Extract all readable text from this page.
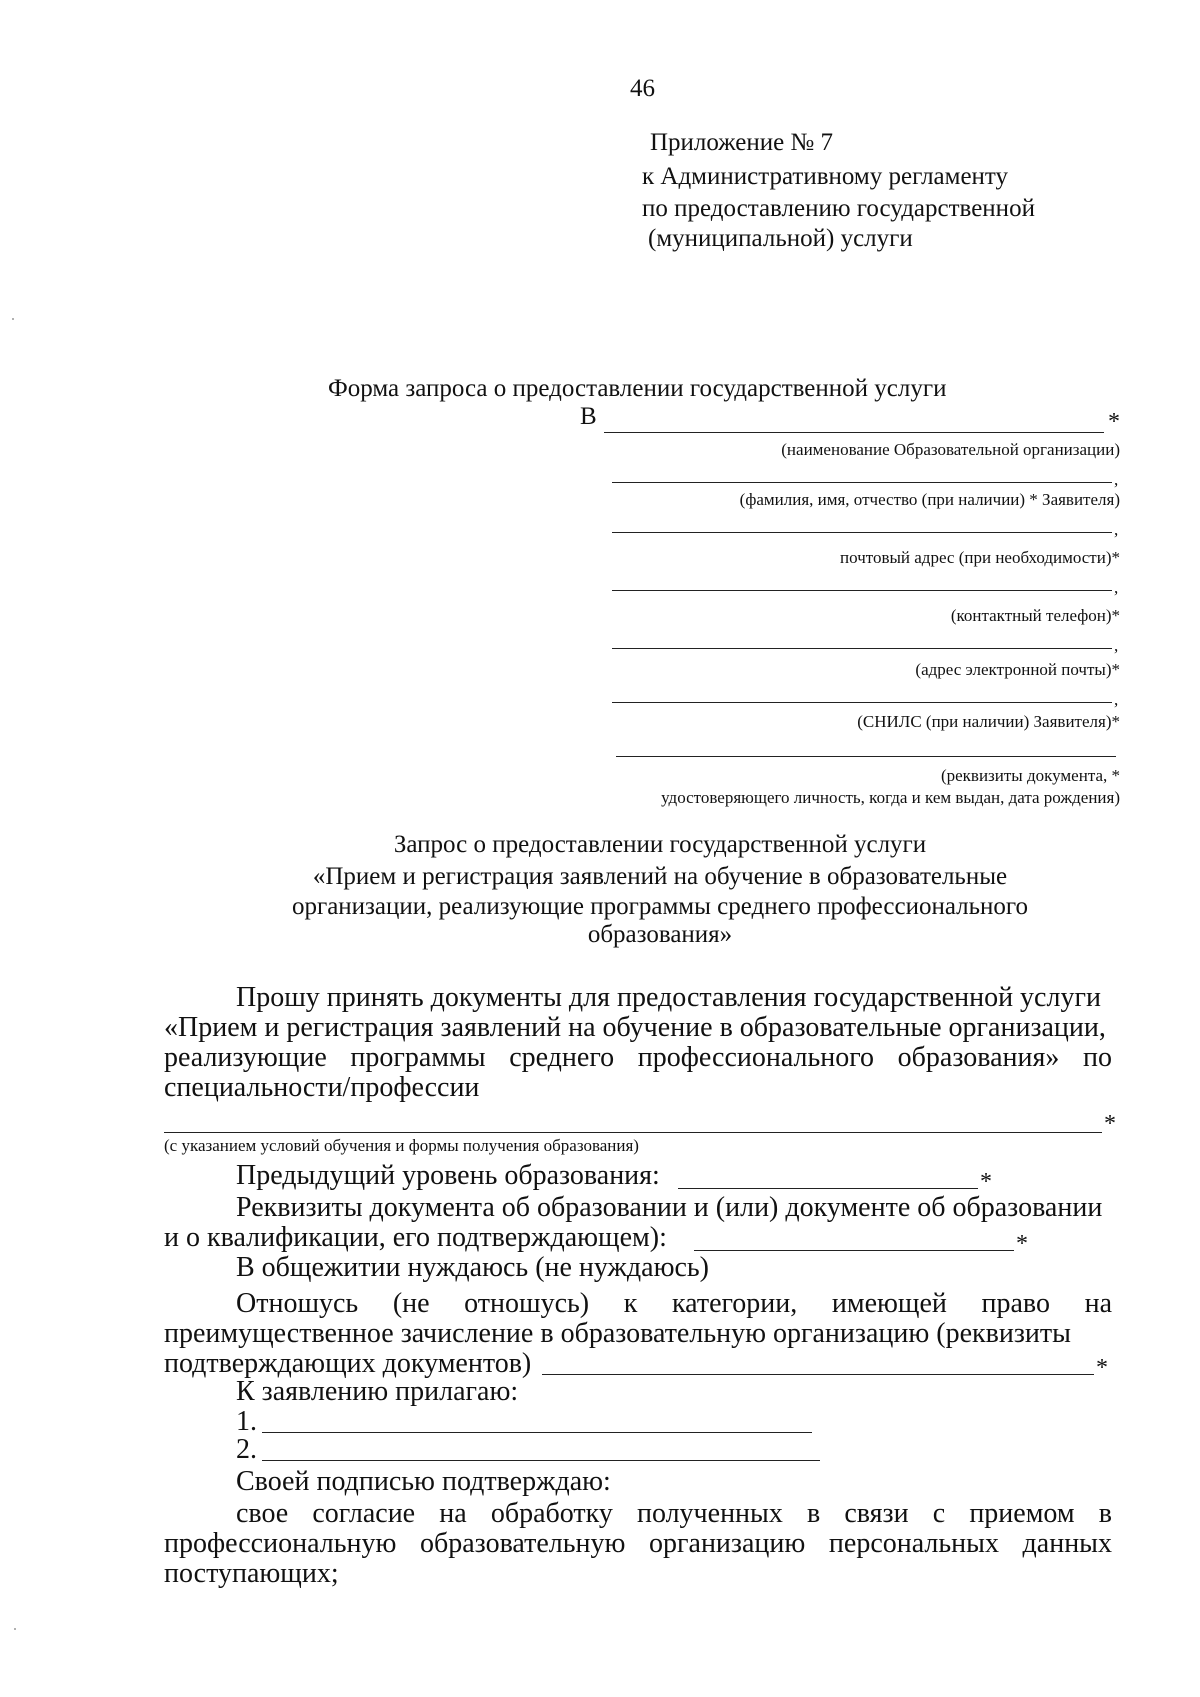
46
Приложение № 7
к Административному регламенту
по предоставлению государственной
(муниципальной) услуги
Форма запроса о предоставлении государственной услуги
В	*
(наименование Образовательной организации)
,
(фамилия, имя, отчество (при наличии) * Заявителя)
,
почтовый адрес (при необходимости)*
,
(контактный телефон)*
,
(адрес электронной почты)*
,
(СНИЛС (при наличии) Заявителя)*
(реквизиты документа, *
удостоверяющего личность, когда и кем выдан, дата рождения)
Запрос о предоставлении государственной услуги
«Прием и регистрация заявлений на обучение в образовательные
организации, реализующие программы среднего профессионального
образования»
Прошу принять документы для предоставления государственной услуги
«Прием и регистрация заявлений на обучение в образовательные организации,
реализующие программы среднего профессионального образования» по
специальности/профессии
*
(с указанием условий обучения и формы получения образования)
Предыдущий уровень образования:	*
Реквизиты документа об образовании и (или) документе об образовании
и о квалификации, его подтверждающем):	*
В общежитии нуждаюсь (не нуждаюсь)
Отношусь (не отношусь) к категории, имеющей право на
преимущественное зачисление в образовательную организацию (реквизиты
подтверждающих документов)	*
К заявлению прилагаю:
1.
2.
Своей подписью подтверждаю:
свое согласие на обработку полученных в связи с приемом в
профессиональную образовательную организацию персональных данных
поступающих;
